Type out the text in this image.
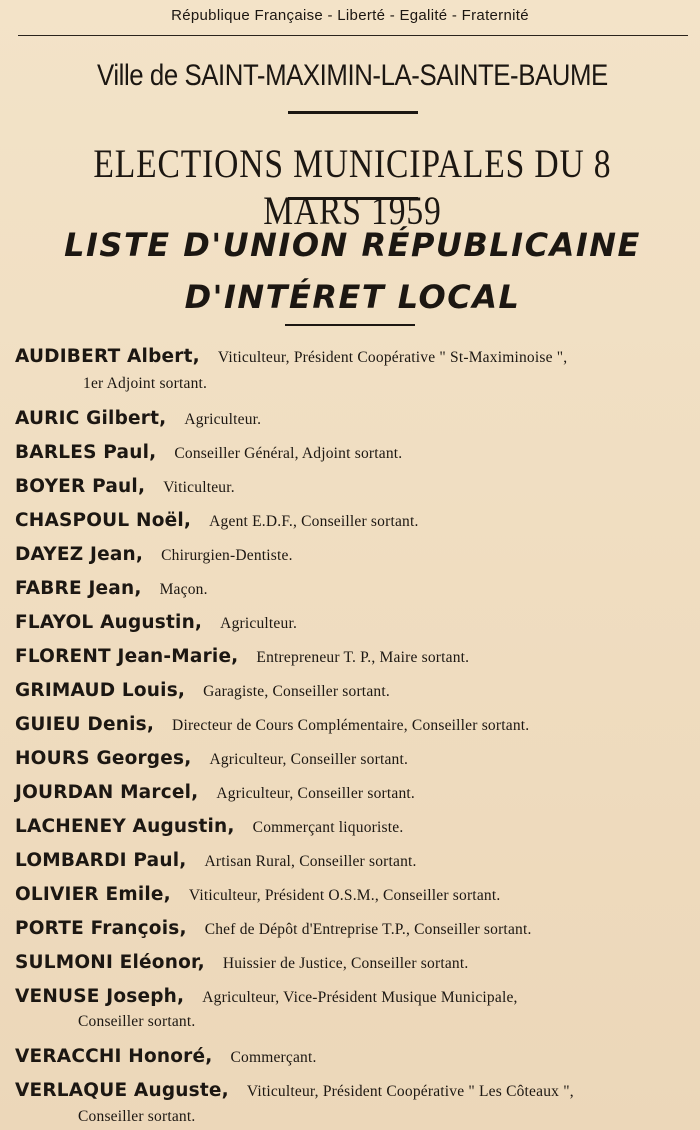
République Française - Liberté - Egalité - Fraternité
Ville de SAINT-MAXIMIN-LA-SAINTE-BAUME
ELECTIONS MUNICIPALES DU 8 MARS 1959
LISTE D'UNION RÉPUBLICAINE
D'INTÉRET LOCAL
AUDIBERT Albert, Viticulteur, Président Coopérative " St-Maximinoise ",
1er Adjoint sortant.
AURIC Gilbert, Agriculteur.
BARLES Paul, Conseiller Général, Adjoint sortant.
BOYER Paul, Viticulteur.
CHASPOUL Noël, Agent E.D.F., Conseiller sortant.
DAYEZ Jean, Chirurgien-Dentiste.
FABRE Jean, Maçon.
FLAYOL Augustin, Agriculteur.
FLORENT Jean-Marie, Entrepreneur T. P., Maire sortant.
GRIMAUD Louis, Garagiste, Conseiller sortant.
GUIEU Denis, Directeur de Cours Complémentaire, Conseiller sortant.
HOURS Georges, Agriculteur, Conseiller sortant.
JOURDAN Marcel, Agriculteur, Conseiller sortant.
LACHENEY Augustin, Commerçant liquoriste.
LOMBARDI Paul, Artisan Rural, Conseiller sortant.
OLIVIER Emile, Viticulteur, Président O.S.M., Conseiller sortant.
PORTE François, Chef de Dépôt d'Entreprise T.P., Conseiller sortant.
SULMONI Eléonor, Huissier de Justice, Conseiller sortant.
VENUSE Joseph, Agriculteur, Vice-Président Musique Municipale,
Conseiller sortant.
VERACCHI Honoré, Commerçant.
VERLAQUE Auguste, Viticulteur, Président Coopérative " Les Côteaux ",
Conseiller sortant.
